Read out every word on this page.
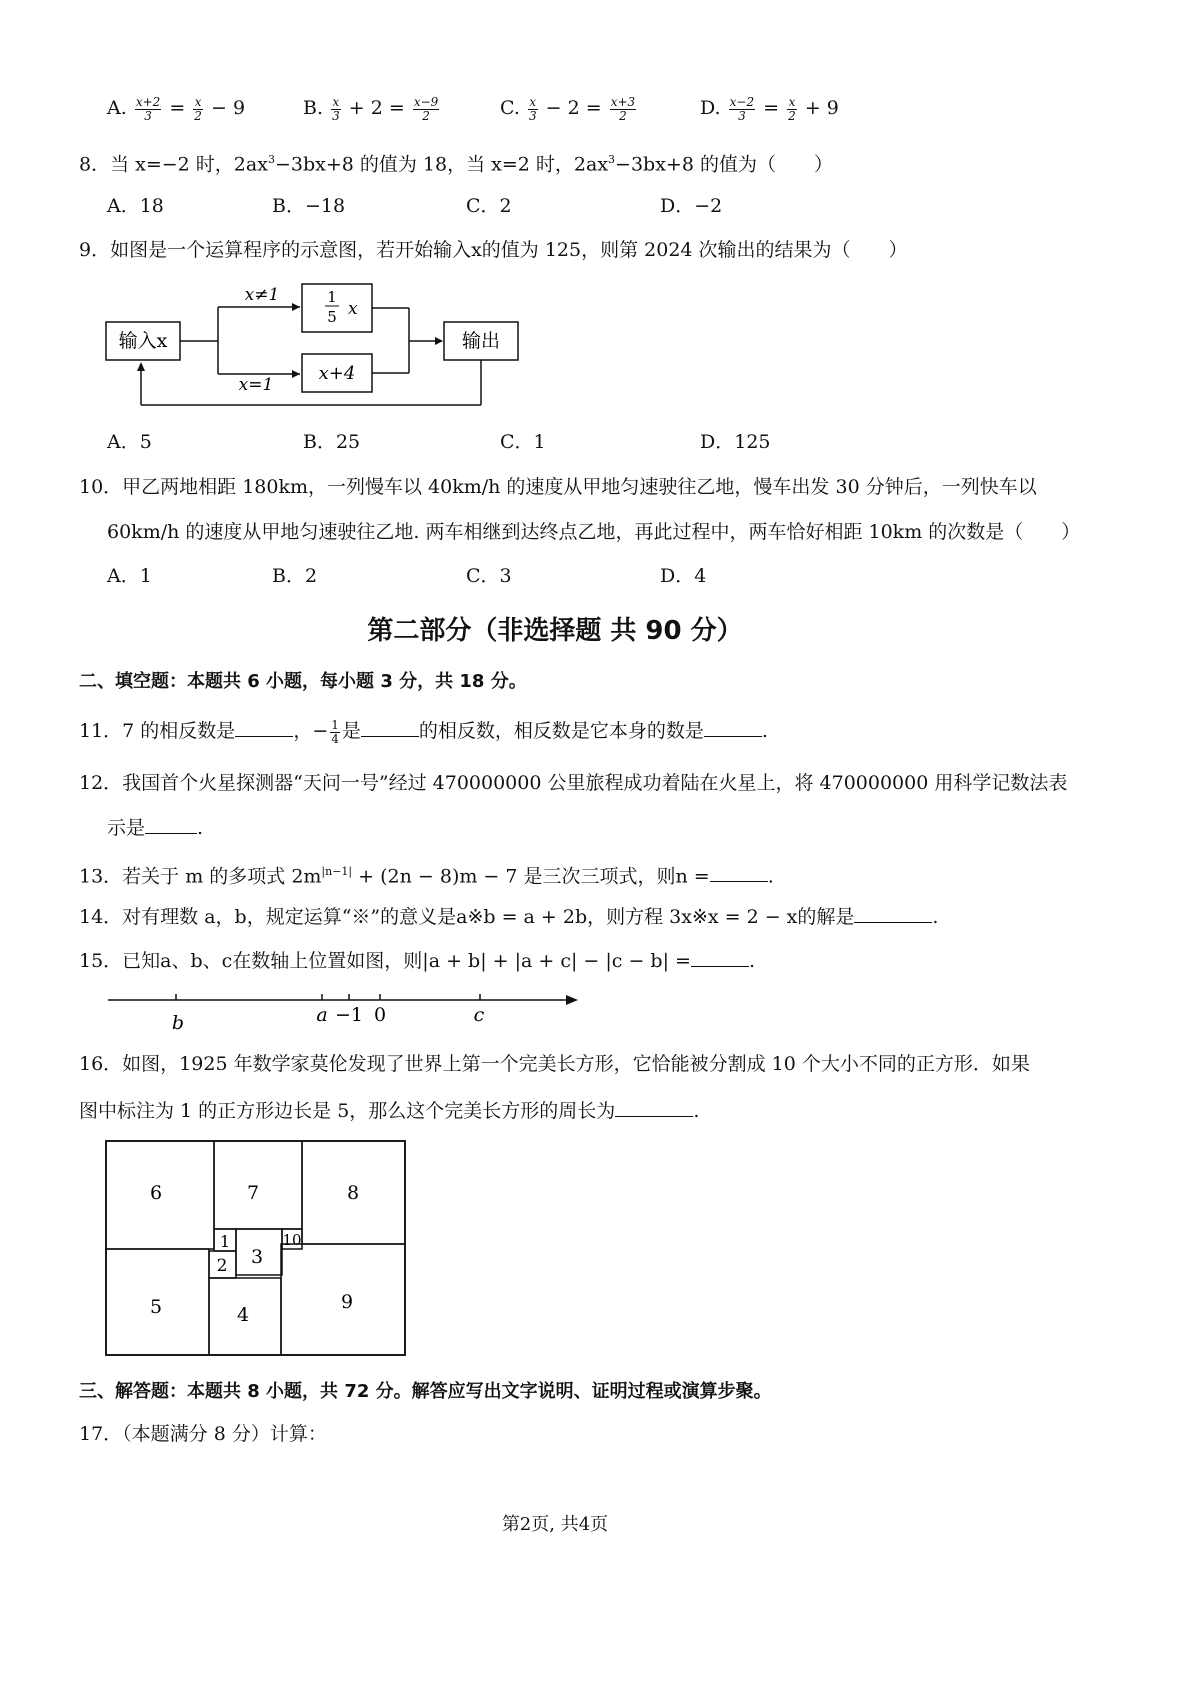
A. $\frac{x+2}{3} = \frac{x}{2} - 9$	B. $\frac{x}{3} + 2 = \frac{x-9}{2}$	C. $\frac{x}{3} - 2 = \frac{x+3}{2}$	D. $\frac{x-2}{3} = \frac{x}{2} + 9$
8．当 x=−2 时，$2ax^3-3bx+8$ 的值为 18，当 x=2 时，$2ax^3-3bx+8$ 的值为（　　）
A．18	B．−18	C．2	D．−2
9．如图是一个运算程序的示意图，若开始输入x的值为 125，则第 2024 次输出的结果为（　　）
输入x
x≠1
x=1
1
5 x
x+4
输出
A．5	B．25	C．1	D．125
10．甲乙两地相距 180km，一列慢车以 40km/h 的速度从甲地匀速驶往乙地，慢车出发 30 分钟后，一列快车以
60km/h 的速度从甲地匀速驶往乙地. 两车相继到达终点乙地，再此过程中，两车恰好相距 10km 的次数是（　　）
A．1	B．2	C．3	D．4
第二部分（非选择题 共 90 分）
二、填空题：本题共 6 小题，每小题 3 分，共 18 分。
11．7 的相反数是	，− $\frac{1}{4}$ 是	的相反数，相反数是它本身的数是	.
12．我国首个火星探测器“天问一号”经过 470000000 公里旅程成功着陆在火星上，将 470000000 用科学记数法表
示是	.
13．若关于 m 的多项式 $2m^{|n-1|} + (2n - 8)m - 7$ 是三次三项式，则n =	.
14．对有理数 a，b，规定运算“※”的意义是a※b = a + 2b，则方程 3x※x = 2 − x的解是	.
15．已知a、b、c在数轴上位置如图，则|a + b| + |a + c| − |c − b| =	.
b	a −1 0	c
16．如图，1925 年数学家莫伦发现了世界上第一个完美长方形，它恰能被分割成 10 个大小不同的正方形．如果
图中标注为 1 的正方形边长是 5，那么这个完美长方形的周长为	.
6	7	8
1
3
10
2
5	4
9
三、解答题：本题共 8 小题，共 72 分。解答应写出文字说明、证明过程或演算步聚。
17．（本题满分 8 分）计算：
第2页, 共4页
